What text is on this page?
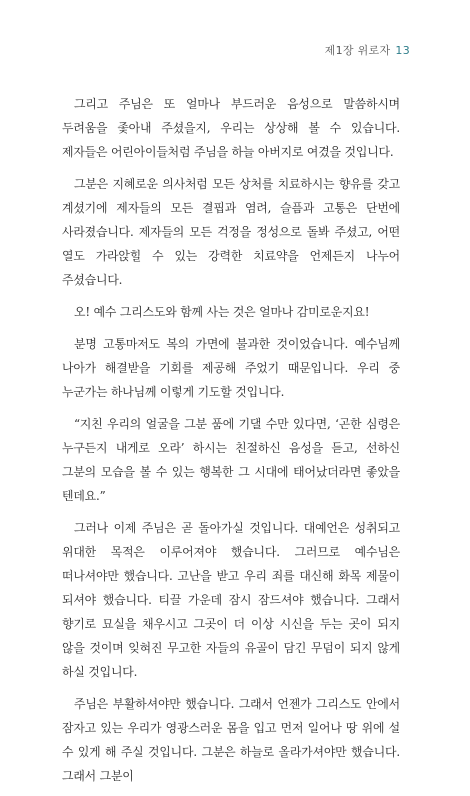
제1장 위로자 13

그리고 주님은 또 얼마나 부드러운 음성으로 말씀하시며 두려움을 좇아내 주셨을지, 우리는 상상해 볼 수 있습니다. 제자들은 어린아이들처럼 주님을 하늘 아버지로 여겼을 것입니다.

그분은 지혜로운 의사처럼 모든 상처를 치료하시는 향유를 갖고 계셨기에 제자들의 모든 결핍과 염려, 슬픔과 고통은 단번에 사라졌습니다. 제자들의 모든 걱정을 정성으로 돌봐 주셨고, 어떤 열도 가라앉힐 수 있는 강력한 치료약을 언제든지 나누어 주셨습니다.

오! 예수 그리스도와 함께 사는 것은 얼마나 감미로운지요!

분명 고통마저도 복의 가면에 불과한 것이었습니다. 예수님께 나아가 해결받을 기회를 제공해 주었기 때문입니다. 우리 중 누군가는 하나님께 이렇게 기도할 것입니다.

“지친 우리의 얼굴을 그분 품에 기댈 수만 있다면, ‘곤한 심령은 누구든지 내게로 오라’ 하시는 친절하신 음성을 듣고, 선하신 그분의 모습을 볼 수 있는 행복한 그 시대에 태어났더라면 좋았을 텐데요.”

그러나 이제 주님은 곧 돌아가실 것입니다. 대예언은 성취되고 위대한 목적은 이루어져야 했습니다. 그러므로 예수님은 떠나셔야만 했습니다. 고난을 받고 우리 죄를 대신해 화목 제물이 되셔야 했습니다. 티끌 가운데 잠시 잠드셔야 했습니다. 그래서 향기로 묘실을 채우시고 그곳이 더 이상 시신을 두는 곳이 되지 않을 것이며 잊혀진 무고한 자들의 유골이 담긴 무덤이 되지 않게 하실 것입니다.

주님은 부활하셔야만 했습니다. 그래서 언젠가 그리스도 안에서 잠자고 있는 우리가 영광스러운 몸을 입고 먼저 일어나 땅 위에 설 수 있게 해 주실 것입니다. 그분은 하늘로 올라가셔야만 했습니다. 그래서 그분이
